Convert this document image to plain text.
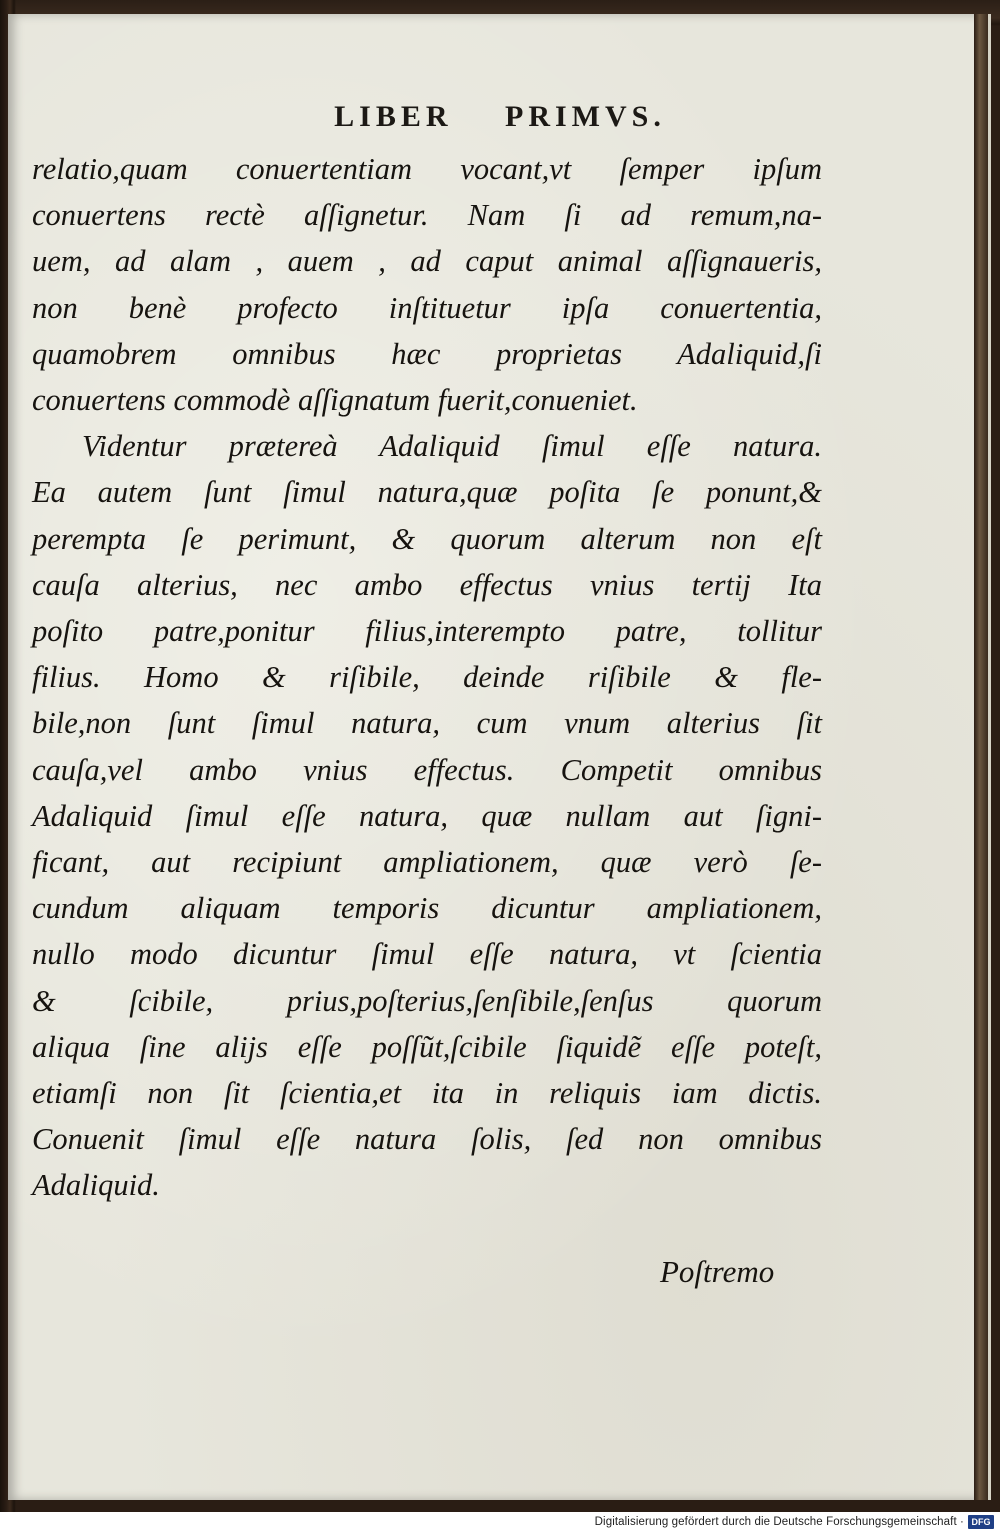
LIBER PRIMVS.
relatio,quam conuertentiam vocant,vt ſemper ipſum
conuertens rectè aſſignetur. Nam ſi ad remum,na-
uem, ad alam , auem , ad caput animal aſſignaueris,
non benè profecto inſtituetur ipſa conuertentia,
quamobrem omnibus hæc proprietas Adaliquid,ſi
conuertens commodè aſſignatum fuerit,conueniet.
Videntur prætereà Adaliquid ſimul eſſe natura.
Ea autem ſunt ſimul natura,quæ poſita ſe ponunt,&
perempta ſe perimunt, & quorum alterum non eſt
cauſa alterius, nec ambo effectus vnius tertij Ita
poſito patre,ponitur filius,interempto patre, tollitur
filius. Homo & riſibile, deinde riſibile & fle-
bile,non ſunt ſimul natura, cum vnum alterius ſit
cauſa,vel ambo vnius effectus. Competit omnibus
Adaliquid ſimul eſſe natura, quæ nullam aut ſigni-
ficant, aut recipiunt ampliationem, quæ verò ſe-
cundum aliquam temporis dicuntur ampliationem,
nullo modo dicuntur ſimul eſſe natura, vt ſcientia
& ſcibile, prius,poſterius,ſenſibile,ſenſus quorum
aliqua ſine alijs eſſe poſſũt,ſcibile ſiquidẽ eſſe poteſt,
etiamſi non ſit ſcientia,et ita in reliquis iam dictis.
Conuenit ſimul eſſe natura ſolis, ſed non omnibus
Adaliquid.
Poſtremo
Digitalisierung gefördert durch die Deutsche Forschungsgemeinschaft · DFG
